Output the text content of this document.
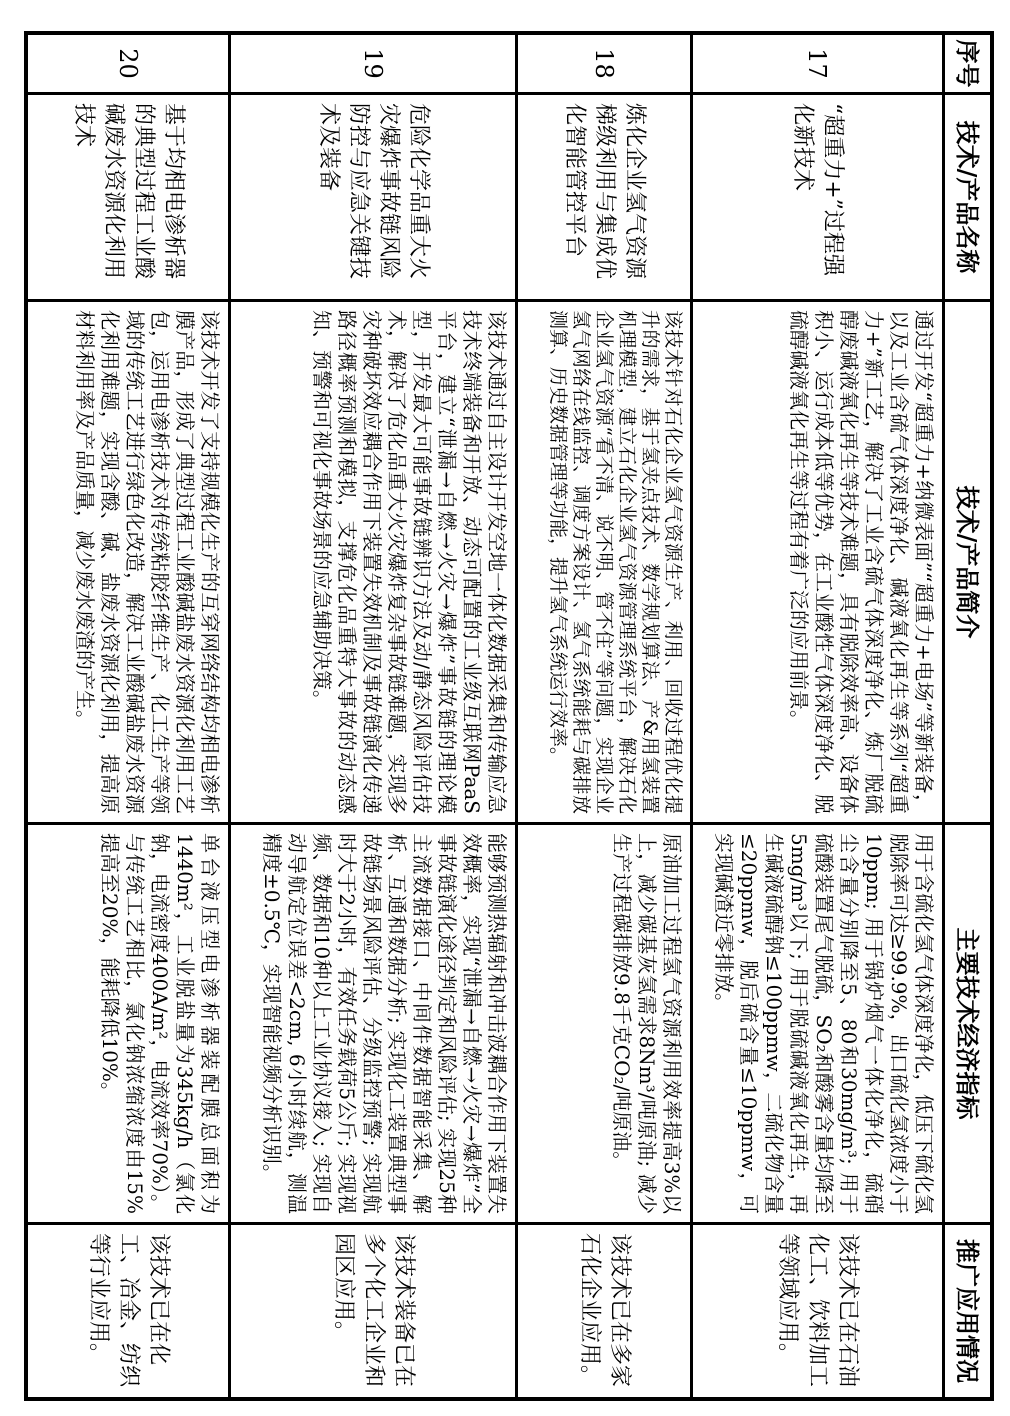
序号
技术/产品名称
技术/产品简介
主要技术经济指标
推广应用情况
17
“超重力+”过程强化新技术
通过开发“超重力+纳微表面”“超重力+电场”等新装备，以及工业含硫气体深度净化、碱液氧化再生等系列“超重力+”新工艺，解决了工业含硫气体深度净化、炼厂脱硫醇废碱液氧化再生等技术难题，具有脱除效率高、设备体积小、运行成本低等优势，在工业酸性气体深度净化、脱硫醇碱液氧化再生等过程有着广泛的应用前景。
用于含硫化氢气体深度净化，低压下硫化氢脱除率可达≥99.9%，出口硫化氢浓度小于10ppm; 用于锅炉烟气一体化净化，硫硝尘含量分别降至5、80和30mg/m³; 用于硫酸装置尾气脱硫，SO₂和酸雾含量均降至5mg/m³以下; 用于脱硫碱液氧化再生，再生碱液硫醇钠≤100ppmw，二硫化物含量≤20ppmw，脱后硫含量≤10ppmw，可实现碱渣近零排放。
该技术已在石油化工、饮料加工等领域应用。
18
炼化企业氢气资源梯级利用与集成优化智能管控平台
该技术针对石化企业氢气资源生产、利用、回收过程优化提升的需求，基于氢夹点技术、数学规划算法、产&用氢装置机理模型，建立石化企业氢气资源管理系统平台，解决石化企业氢气资源“看不清、说不明、管不住”等问题，实现企业氢气网络在线监控、调度方案设计、氢气系统能耗与碳排放测算、历史数据管理等功能，提升氢气系统运行效率。
原油加工过程氢气资源利用效率提高3%以上，减少碳基灰氢需求8Nm³/吨原油; 减少生产过程碳排放9.8千克CO₂/吨原油。
该技术已在多家石化企业应用。
19
危险化学品重大火灾爆炸事故链风险防控与应急关键技术及装备
该技术通过自主设计开发空地一体化数据采集和传输应急技术终端装备和开放、动态可配置的工业级互联网PaaS平台，建立“泄漏→自燃→火灾→爆炸”事故链的理论模型，开发最大可能事故链辨识方法及动/静态风险评估技术，解决了危化品重大火灾爆炸复杂事故链难题，实现多灾种破坏效应耦合作用下装置失效机制及事故链演化传递路径概率预测和模拟，支撑危化品重特大事故的动态感知、预警和可视化事故场景的应急辅助决策。
能够预测热辐射和冲击波耦合作用下装置失效概率，实现“泄漏→自燃→火灾→爆炸”全事故链演化途径判定和风险评估; 实现25种主流数据接口、中间件数据智能采集、解析、互通和数据分析; 实现化工装置典型事故链场景风险评估、分级监控预警; 实现航时大于2小时，有效任务载荷5公斤; 实现视频、数据和10种以上工业协议接入; 实现自动导航定位误差<2cm, 6小时续航，测温精度±0.5℃，实现智能视频分析识别。
该技术装备已在多个化工企业和园区应用。
20
基于均相电渗析器的典型过程工业酸碱废水资源化利用技术
该技术开发了支持规模化生产的互穿网络结构均相电渗析膜产品，形成了典型过程工业酸碱盐废水资源化利用工艺包，运用电渗析技术对传统粘胶纤维生产、化工生产等领域的传统工艺进行绿色化改造，解决工业酸碱盐废水资源化利用难题，实现含酸、碱、盐废水资源化利用，提高原材料利用率及产品质量，减少废水废渣的产生。
单台液压型电渗析器装配膜总面积为1440m²，工业脱盐量为345kg/h（氯化钠，电流密度400A/m²，电流效率70%）。与传统工艺相比，氯化钠浓缩浓度由15%提高至20%，能耗降低10%。
该技术已在化工、冶金、纺织等行业应用。
